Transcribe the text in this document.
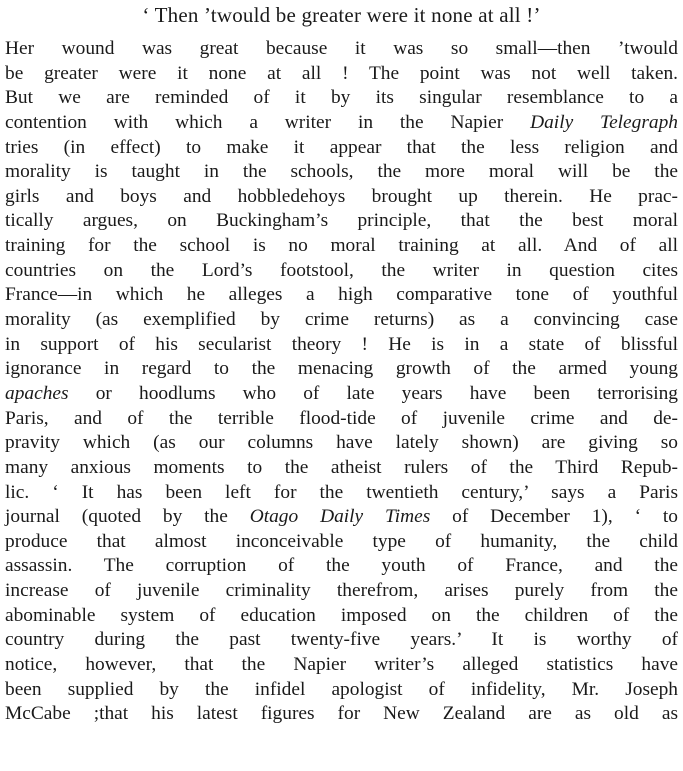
‘ Then ’twould be greater were it none at all !’
Her wound was great because it was so small—then ’twould
be greater were it none at all ! The point was not well taken.
But we are reminded of it by its singular resemblance to a
contention with which a writer in the Napier Daily Telegraph
tries (in effect) to make it appear that the less religion and
morality is taught in the schools, the more moral will be the
girls and boys and hobbledehoys brought up therein. He prac-
tically argues, on Buckingham’s principle, that the best moral
training for the school is no moral training at all. And of all
countries on the Lord’s footstool, the writer in question cites
France—in which he alleges a high comparative tone of youthful
morality (as exemplified by crime returns) as a convincing case
in support of his secularist theory ! He is in a state of blissful
ignorance in regard to the menacing growth of the armed young
apaches or hoodlums who of late years have been terrorising
Paris, and of the terrible flood-tide of juvenile crime and de-
pravity which (as our columns have lately shown) are giving so
many anxious moments to the atheist rulers of the Third Repub-
lic. ‘ It has been left for the twentieth century,’ says a Paris
journal (quoted by the Otago Daily Times of December 1), ‘ to
produce that almost inconceivable type of humanity, the child
assassin. The corruption of the youth of France, and the
increase of juvenile criminality therefrom, arises purely from the
abominable system of education imposed on the children of the
country during the past twenty-five years.’ It is worthy of
notice, however, that the Napier writer’s alleged statistics have
been supplied by the infidel apologist of infidelity, Mr. Joseph
McCabe ;that his latest figures for New Zealand are as old as
